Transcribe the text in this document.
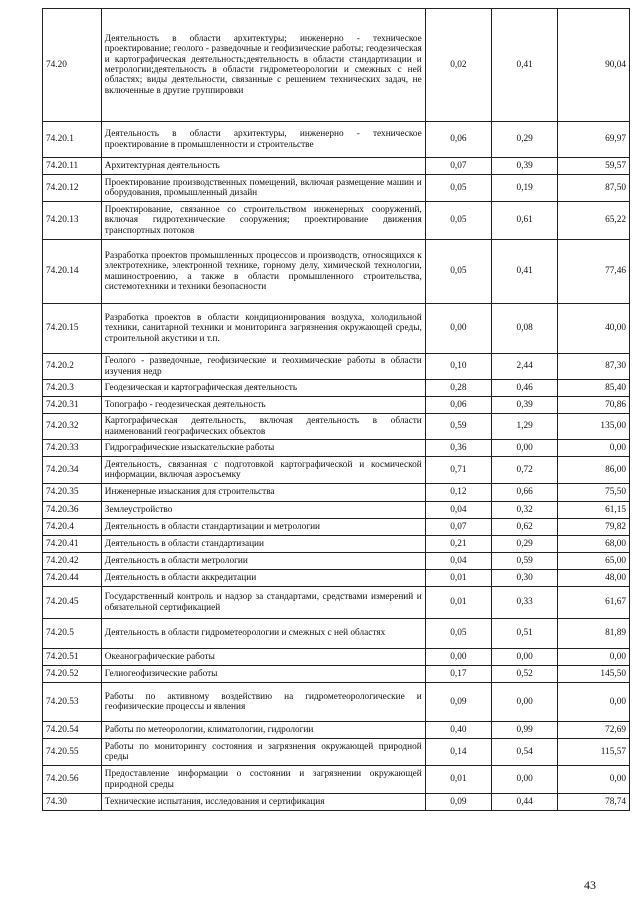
74.20	Деятельность в области архитектуры; инженерно - техническое проектирование; геолого - разведочные и геофизические работы; геодезическая и картографическая деятельность;деятельность в области стандартизации и метрологии;деятельность в области гидрометеорологии и смежных с ней областях; виды деятельности, связанные с решением технических задач, не включенные в другие группировки	0,02	0,41	90,04
74.20.1	Деятельность в области архитектуры, инженерно - техническое проектирование в промышленности и строительстве	0,06	0,29	69,97
74.20.11	Архитектурная деятельность	0,07	0,39	59,57
74.20.12	Проектирование производственных помещений, включая размещение машин и оборудования, промышленный дизайн	0,05	0,19	87,50
74.20.13	Проектирование, связанное со строительством инженерных сооружений, включая гидротехнические сооружения; проектирование движения транспортных потоков	0,05	0,61	65,22
74.20.14	Разработка проектов промышленных процессов и производств, относящихся к электротехнике, электронной технике, горному делу, химической технологии, машиностроению, а также в области промышленного строительства, системотехники и техники безопасности	0,05	0,41	77,46
74.20.15	Разработка проектов в области кондиционирования воздуха, холодильной техники, санитарной техники и мониторинга загрязнения окружающей среды, строительной акустики и т.п.	0,00	0,08	40,00
74.20.2	Геолого - разведочные, геофизические и геохимические работы в области изучения недр	0,10	2,44	87,30
74.20.3	Геодезическая и картографическая деятельность	0,28	0,46	85,40
74.20.31	Топографо - геодезическая деятельность	0,06	0,39	70,86
74.20.32	Картографическая деятельность, включая деятельность в области наименований географических объектов	0,59	1,29	135,00
74.20.33	Гидрографические изыскательские работы	0,36	0,00	0,00
74.20.34	Деятельность, связанная с подготовкой картографической и космической информации, включая аэросъемку	0,71	0,72	86,00
74.20.35	Инженерные изыскания для строительства	0,12	0,66	75,50
74.20.36	Землеустройство	0,04	0,32	61,15
74.20.4	Деятельность в области стандартизации и метрологии	0,07	0,62	79,82
74.20.41	Деятельность в области стандартизации	0,21	0,29	68,00
74.20.42	Деятельность в области метрологии	0,04	0,59	65,00
74.20.44	Деятельность в области аккредитации	0,01	0,30	48,00
74.20.45	Государственный контроль и надзор за стандартами, средствами измерений и обязательной сертификацией	0,01	0,33	61,67
74.20.5	Деятельность в области гидрометеорологии и смежных с ней областях	0,05	0,51	81,89
74.20.51	Океанографические работы	0,00	0,00	0,00
74.20.52	Гелиогеофизические работы	0,17	0,52	145,50
74.20.53	Работы по активному воздействию на гидрометеорологические и геофизические процессы и явления	0,09	0,00	0,00
74.20.54	Работы по метеорологии, климатологии, гидрологии	0,40	0,99	72,69
74.20.55	Работы по мониторингу состояния и загрязнения окружающей природной среды	0,14	0,54	115,57
74.20.56	Предоставление информации о состоянии и загрязнении окружающей природной среды	0,01	0,00	0,00
74.30	Технические испытания, исследования и сертификация	0,09	0,44	78,74
43
